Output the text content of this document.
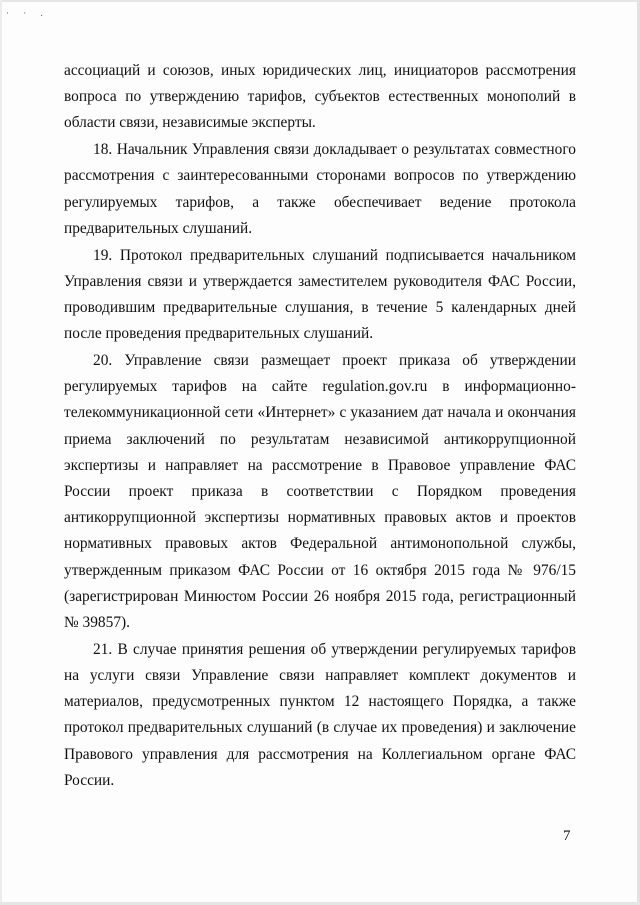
· · .

ассоциаций и союзов, иных юридических лиц, инициаторов рассмотрения вопроса по утверждению тарифов, субъектов естественных монополий в области связи, независимые эксперты.

18. Начальник Управления связи докладывает о результатах совместного рассмотрения с заинтересованными сторонами вопросов по утверждению регулируемых тарифов, а также обеспечивает ведение протокола предварительных слушаний.

19. Протокол предварительных слушаний подписывается начальником Управления связи и утверждается заместителем руководителя ФАС России, проводившим предварительные слушания, в течение 5 календарных дней после проведения предварительных слушаний.

20. Управление связи размещает проект приказа об утверждении регулируемых тарифов на сайте regulation.gov.ru в информационно-телекоммуникационной сети «Интернет» с указанием дат начала и окончания приема заключений по результатам независимой антикоррупционной экспертизы и направляет на рассмотрение в Правовое управление ФАС России проект приказа в соответствии с Порядком проведения антикоррупционной экспертизы нормативных правовых актов и проектов нормативных правовых актов Федеральной антимонопольной службы, утвержденным приказом ФАС России от 16 октября 2015 года № 976/15 (зарегистрирован Минюстом России 26 ноября 2015 года, регистрационный № 39857).

21. В случае принятия решения об утверждении регулируемых тарифов на услуги связи Управление связи направляет комплект документов и материалов, предусмотренных пунктом 12 настоящего Порядка, а также протокол предварительных слушаний (в случае их проведения) и заключение Правового управления для рассмотрения на Коллегиальном органе ФАС России.

7
